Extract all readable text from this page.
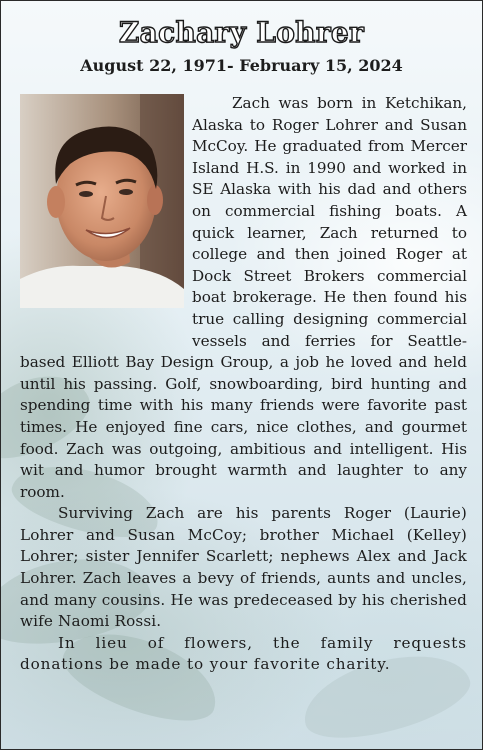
Zachary Lohrer
August 22, 1971- February 15, 2024

Zach was born in Ketchikan, Alaska to Roger Lohrer and Susan McCoy. He graduated from Mercer Island H.S. in 1990 and worked in SE Alaska with his dad and others on commercial fishing boats. A quick learner, Zach returned to college and then joined Roger at Dock Street Brokers commercial boat brokerage. He then found his true calling designing commercial vessels and ferries for Seattle-based Elliott Bay Design Group, a job he loved and held until his passing. Golf, snowboarding, bird hunting and spending time with his many friends were favorite past times. He enjoyed fine cars, nice clothes, and gourmet food. Zach was outgoing, ambitious and intelligent. His wit and humor brought warmth and laughter to any room.

Surviving Zach are his parents Roger (Laurie) Lohrer and Susan McCoy; brother Michael (Kelley) Lohrer; sister Jennifer Scarlett; nephews Alex and Jack Lohrer. Zach leaves a bevy of friends, aunts and uncles, and many cousins. He was predeceased by his cherished wife Naomi Rossi.

In lieu of flowers, the family requests donations be made to your favorite charity.
